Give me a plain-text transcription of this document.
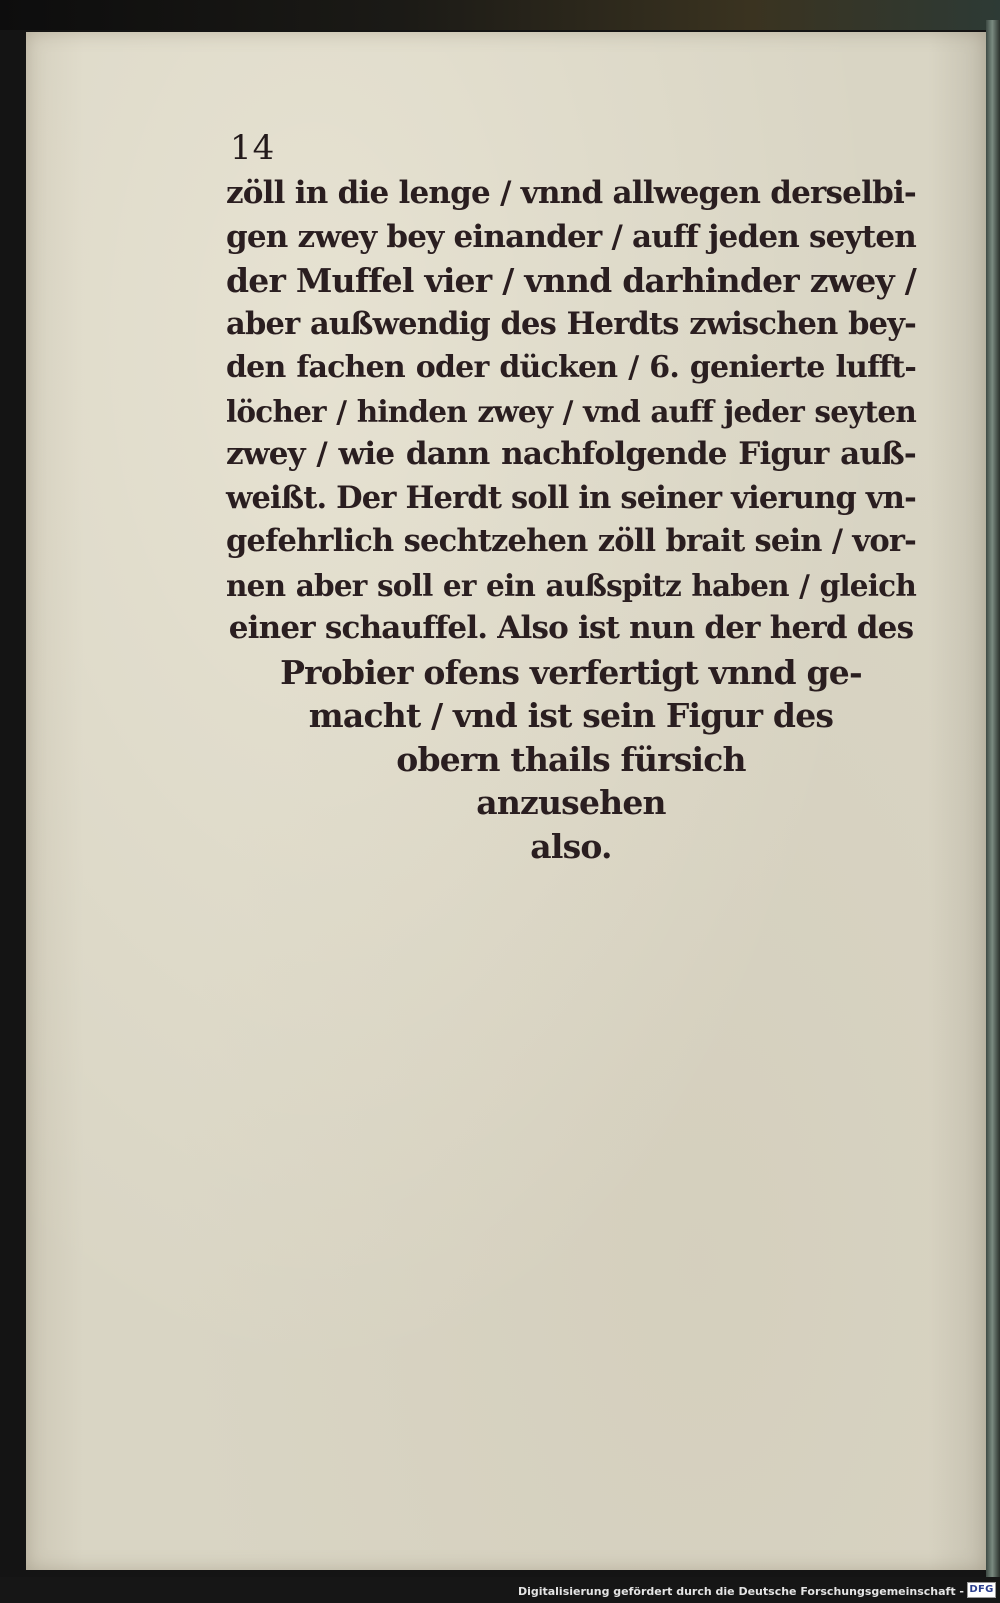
14
zöll in die lenge / vnnd allwegen derselbi-
gen zwey bey einander / auff jeden seyten
der Muffel vier / vnnd darhinder zwey /
aber außwendig des Herdts zwischen bey-
den fachen oder dücken / 6. genierte lufft-
löcher / hinden zwey / vnd auff jeder seyten
zwey / wie dann nachfolgende Figur auß-
weißt. Der Herdt soll in seiner vierung vn-
gefehrlich sechtzehen zöll brait sein / vor-
nen aber soll er ein außspitz haben / gleich
einer schauffel. Also ist nun der herd des
Probier ofens verfertigt vnnd ge-
macht / vnd ist sein Figur des
obern thails fürsich
anzusehen
also.
Digitalisierung gefördert durch die Deutsche Forschungsgemeinschaft - DFG
